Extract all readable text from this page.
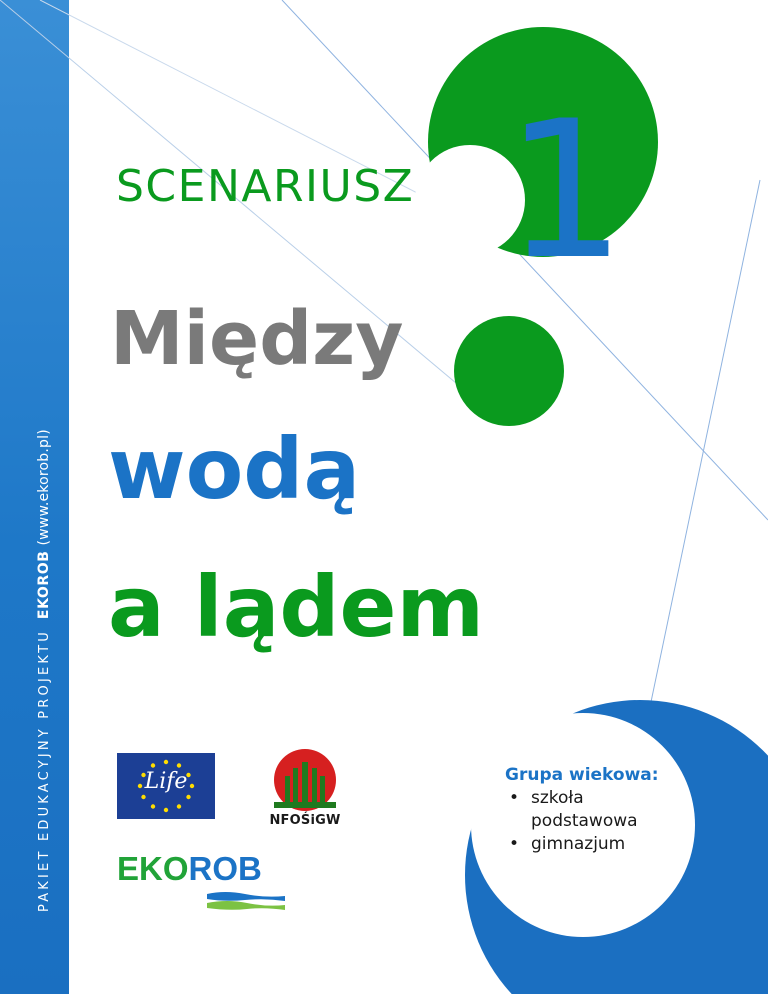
PAKIET EDUKACYJNY PROJEKTU  EKOROB (www.ekorob.pl)
SCENARIUSZ 1
Między
wodą
a lądem
Life
NFOŚiGW
EKOROB
Grupa wiekowa:
• szkoła podstawowa
• gimnazjum
